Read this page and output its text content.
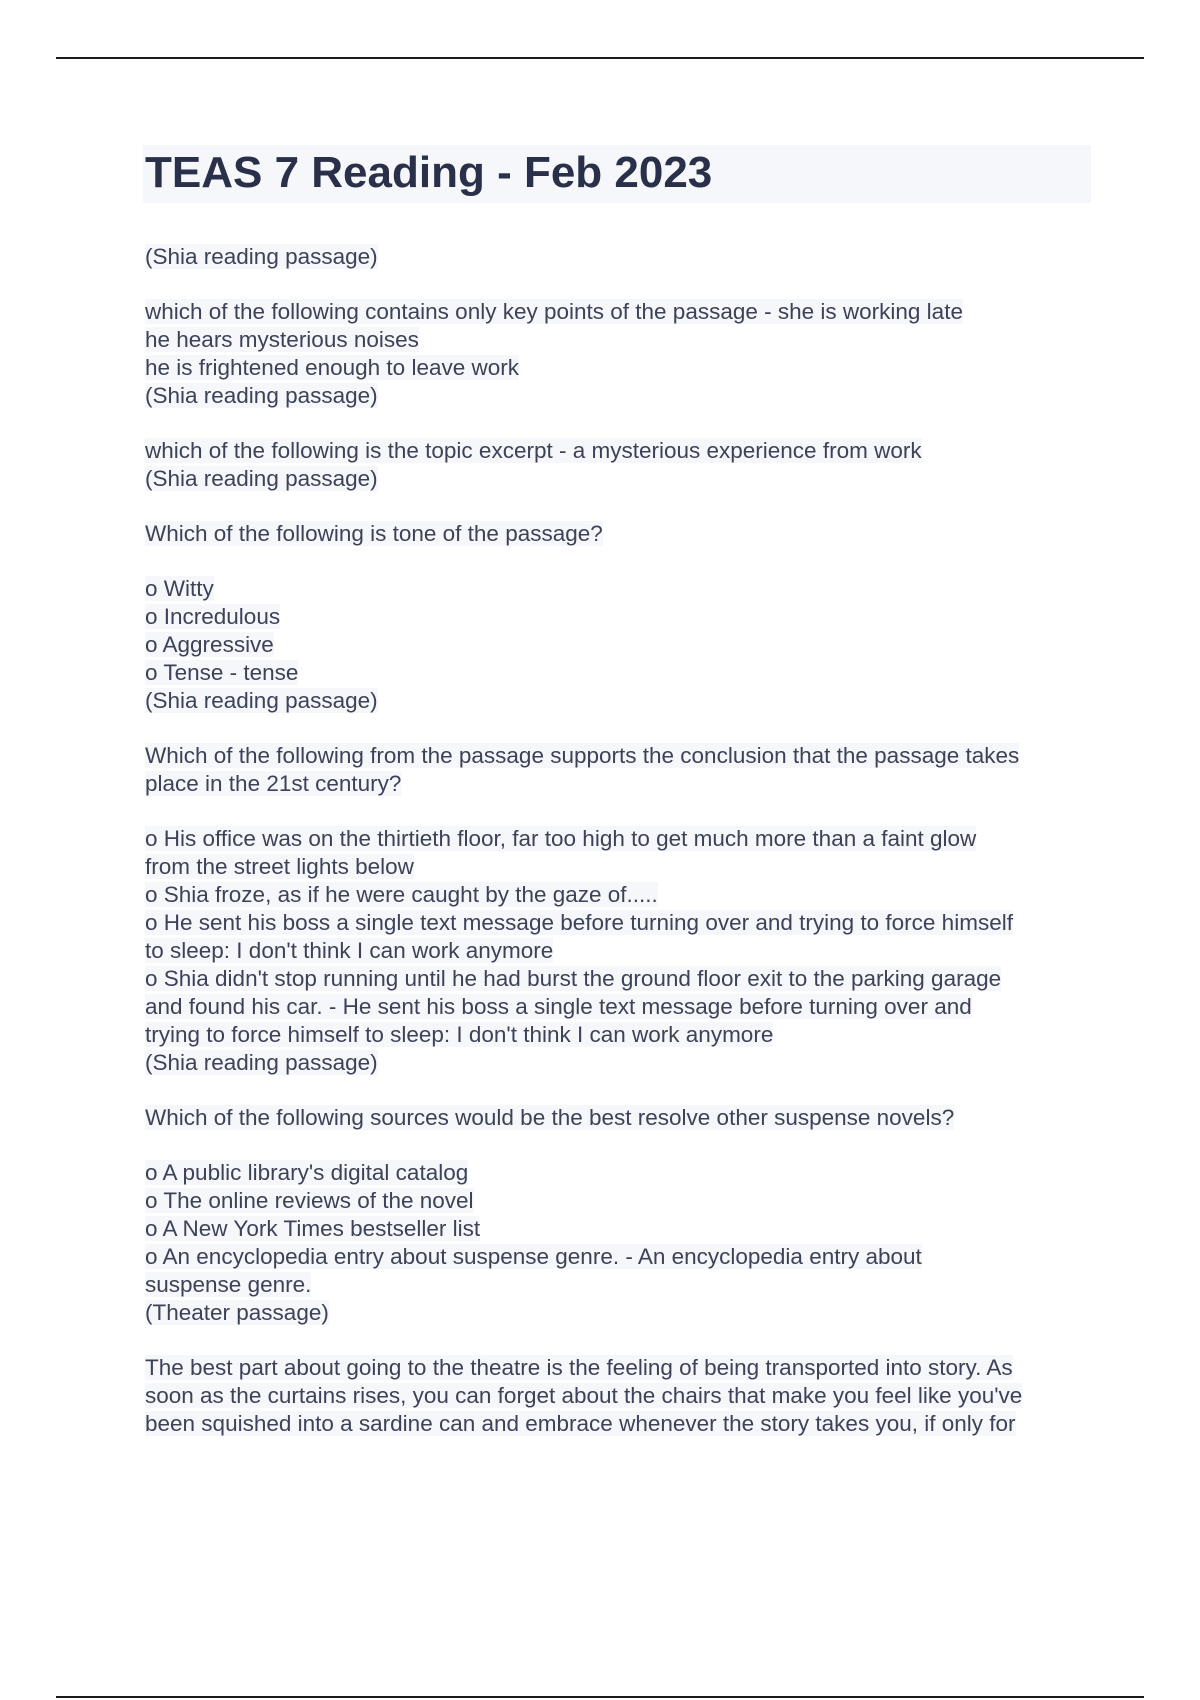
TEAS 7 Reading - Feb 2023
(Shia reading passage)
which of the following contains only key points of the passage - she is working late
he hears mysterious noises
he is frightened enough to leave work
(Shia reading passage)
which of the following is the topic excerpt - a mysterious experience from work
(Shia reading passage)
Which of the following is tone of the passage?
o Witty
o Incredulous
o Aggressive
o Tense - tense
(Shia reading passage)
Which of the following from the passage supports the conclusion that the passage takes
place in the 21st century?
o His office was on the thirtieth floor, far too high to get much more than a faint glow
from the street lights below
o Shia froze, as if he were caught by the gaze of.....
o He sent his boss a single text message before turning over and trying to force himself
to sleep: I don't think I can work anymore
o Shia didn't stop running until he had burst the ground floor exit to the parking garage
and found his car. - He sent his boss a single text message before turning over and
trying to force himself to sleep: I don't think I can work anymore
(Shia reading passage)
Which of the following sources would be the best resolve other suspense novels?
o A public library's digital catalog
o The online reviews of the novel
o A New York Times bestseller list
o An encyclopedia entry about suspense genre. - An encyclopedia entry about
suspense genre.
(Theater passage)
The best part about going to the theatre is the feeling of being transported into story. As
soon as the curtains rises, you can forget about the chairs that make you feel like you've
been squished into a sardine can and embrace whenever the story takes you, if only for
